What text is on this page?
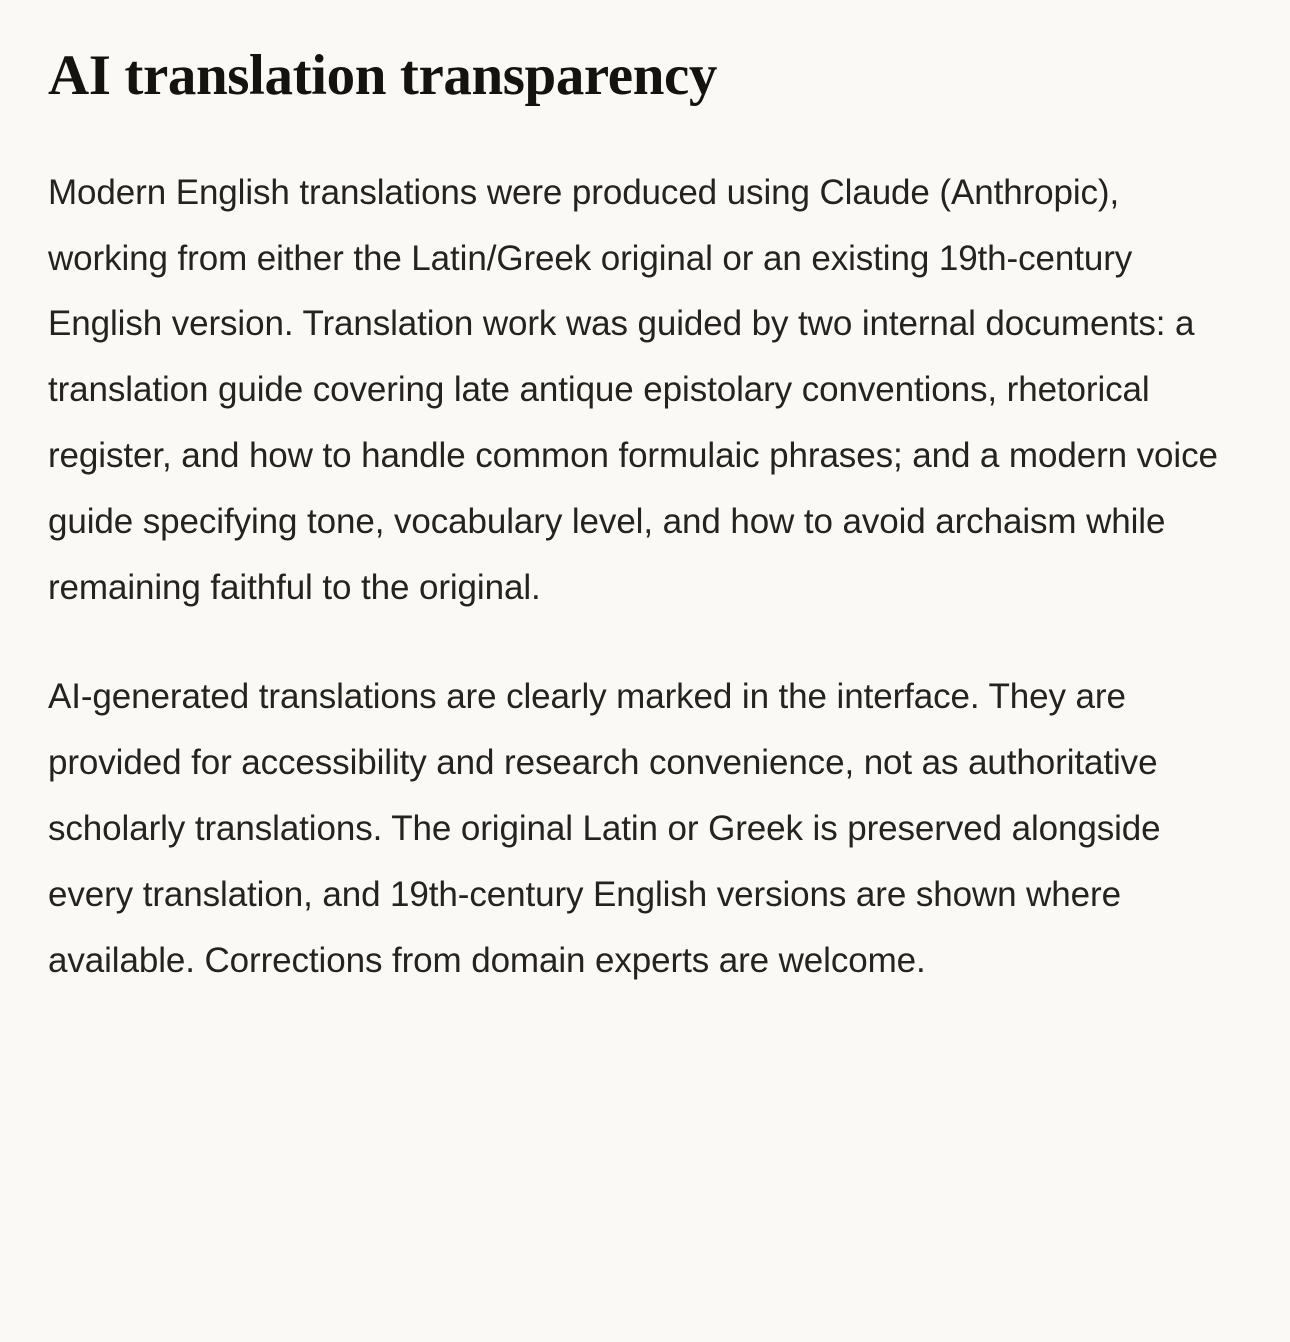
AI translation transparency

Modern English translations were produced using Claude (Anthropic), working from either the Latin/Greek original or an existing 19th-century English version. Translation work was guided by two internal documents: a translation guide covering late antique epistolary conventions, rhetorical register, and how to handle common formulaic phrases; and a modern voice guide specifying tone, vocabulary level, and how to avoid archaism while remaining faithful to the original.

AI-generated translations are clearly marked in the interface. They are provided for accessibility and research convenience, not as authoritative scholarly translations. The original Latin or Greek is preserved alongside every translation, and 19th-century English versions are shown where available. Corrections from domain experts are welcome.
